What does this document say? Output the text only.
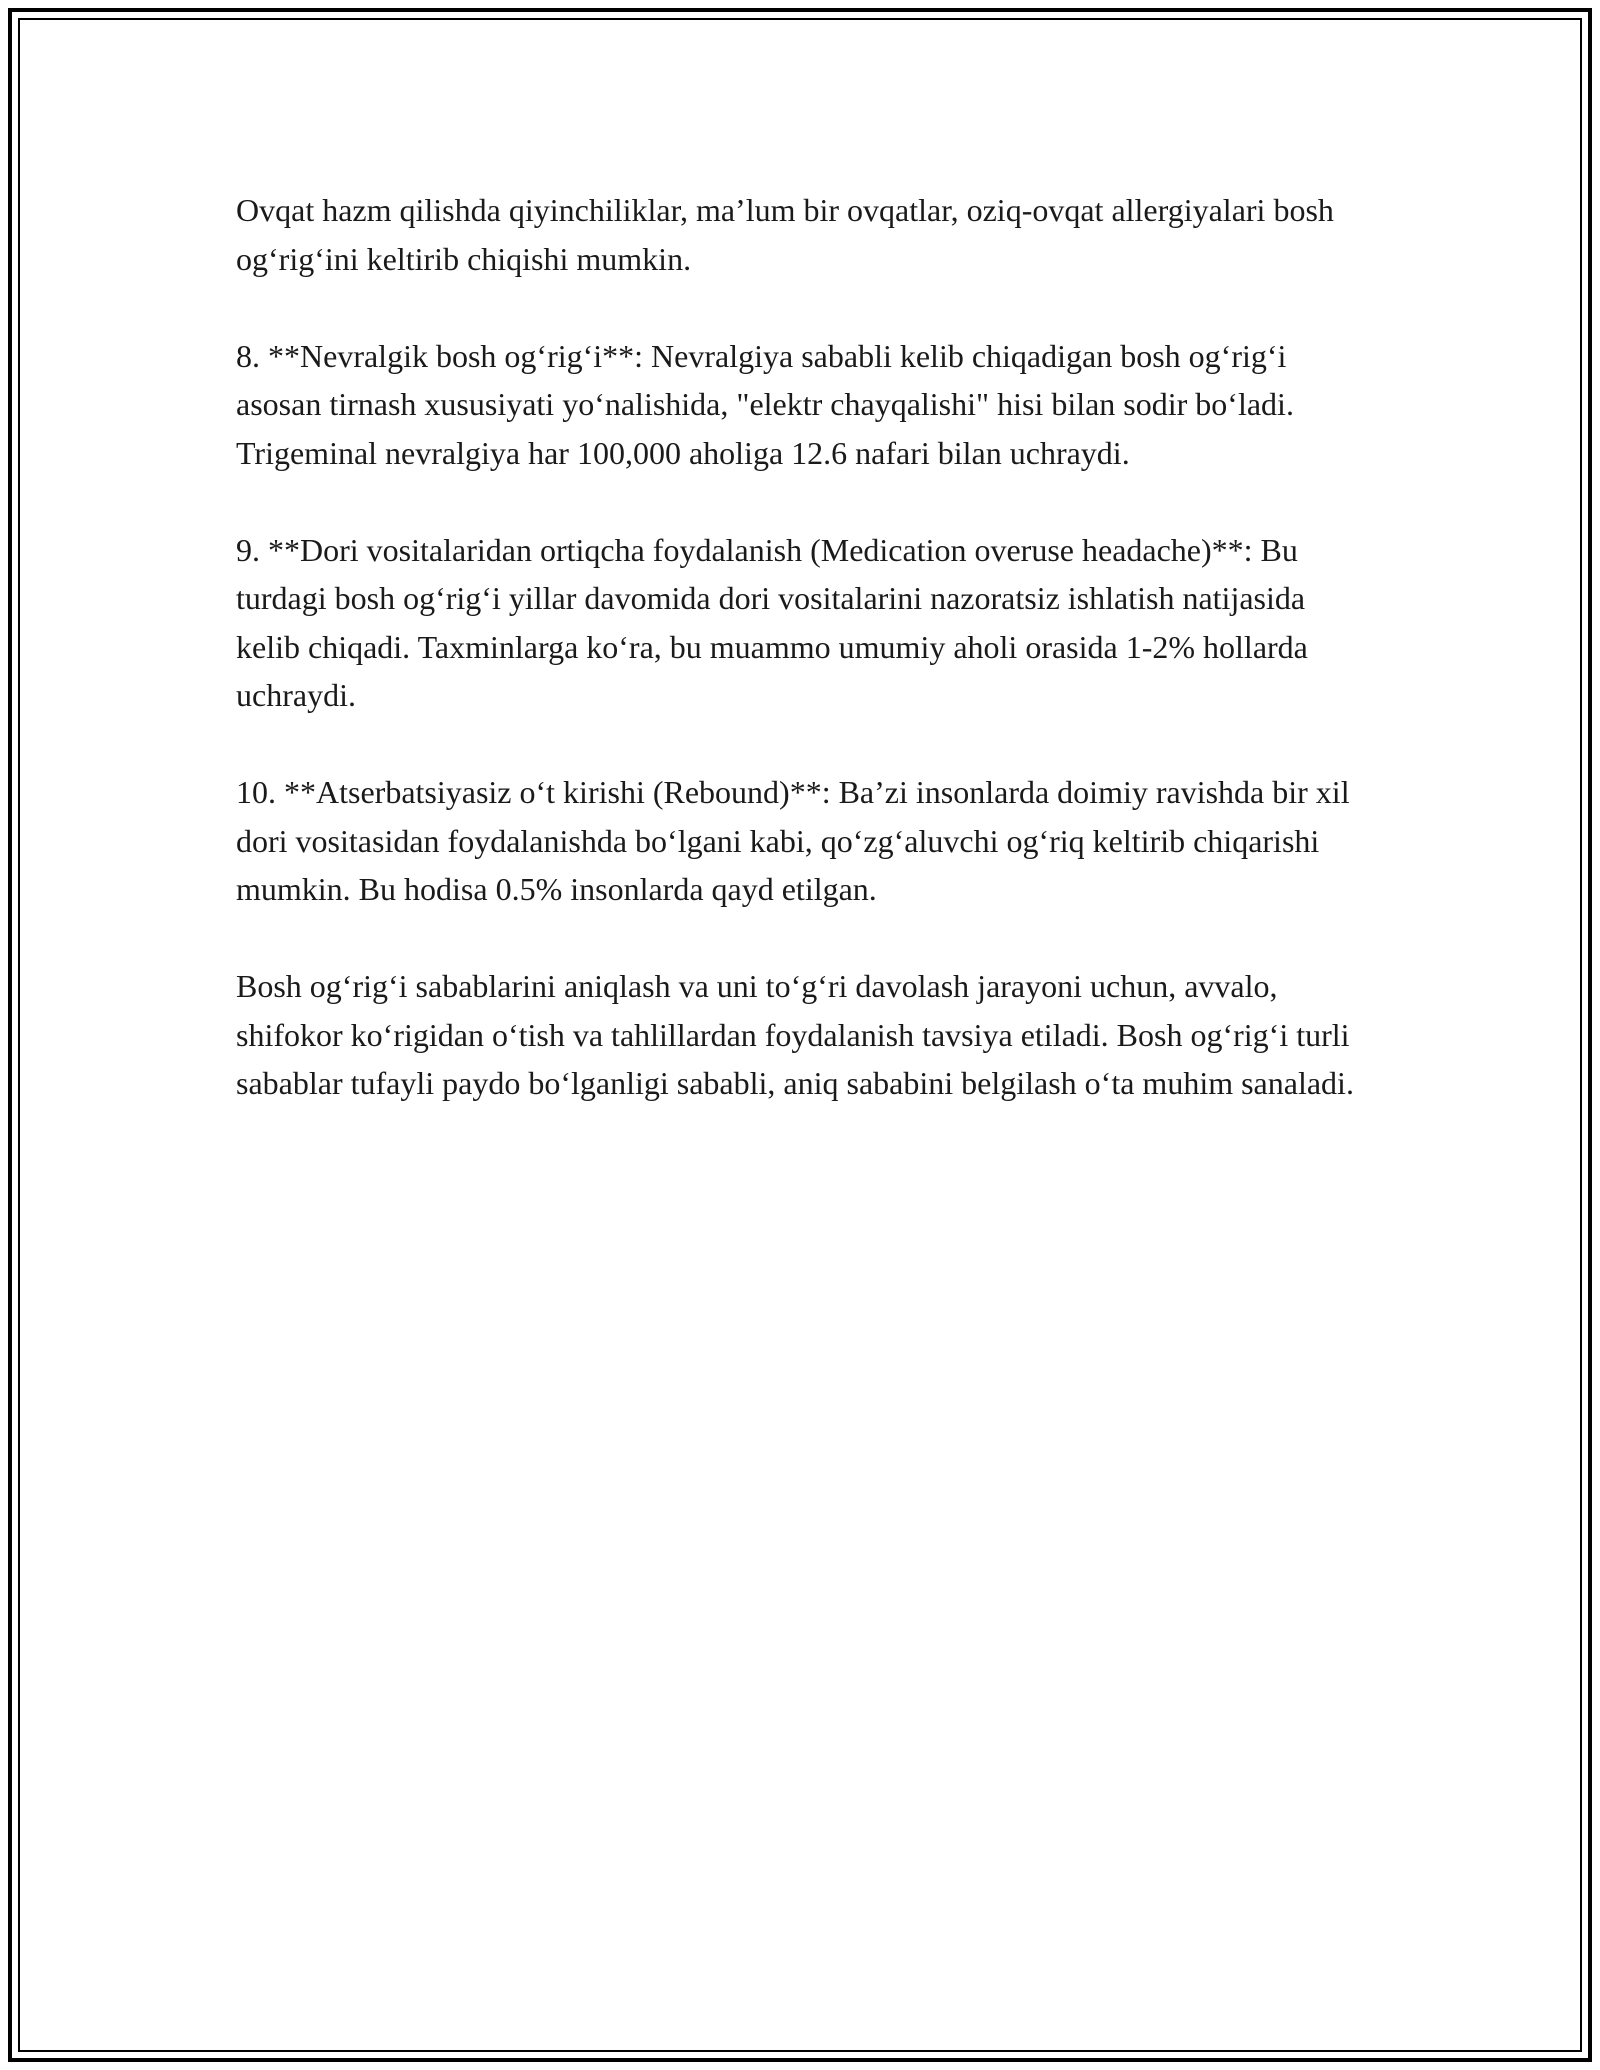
Ovqat hazm qilishda qiyinchiliklar, ma’lum bir ovqatlar, oziq-ovqat allergiyalari bosh og‘rig‘ini keltirib chiqishi mumkin.

8. **Nevralgik bosh og‘rig‘i**: Nevralgiya sababli kelib chiqadigan bosh og‘rig‘i asosan tirnash xususiyati yo‘nalishida, "elektr chayqalishi" hisi bilan sodir bo‘ladi. Trigeminal nevralgiya har 100,000 aholiga 12.6 nafari bilan uchraydi.

9. **Dori vositalaridan ortiqcha foydalanish (Medication overuse headache)**: Bu turdagi bosh og‘rig‘i yillar davomida dori vositalarini nazoratsiz ishlatish natijasida kelib chiqadi. Taxminlarga ko‘ra, bu muammo umumiy aholi orasida 1-2% hollarda uchraydi.

10. **Atserbatsiyasiz o‘t kirishi (Rebound)**: Ba’zi insonlarda doimiy ravishda bir xil dori vositasidan foydalanishda bo‘lgani kabi, qo‘zg‘aluvchi og‘riq keltirib chiqarishi mumkin. Bu hodisa 0.5% insonlarda qayd etilgan.

Bosh og‘rig‘i sabablarini aniqlash va uni to‘g‘ri davolash jarayoni uchun, avvalo, shifokor ko‘rigidan o‘tish va tahlillardan foydalanish tavsiya etiladi. Bosh og‘rig‘i turli sabablar tufayli paydo bo‘lganligi sababli, aniq sababini belgilash o‘ta muhim sanaladi.
